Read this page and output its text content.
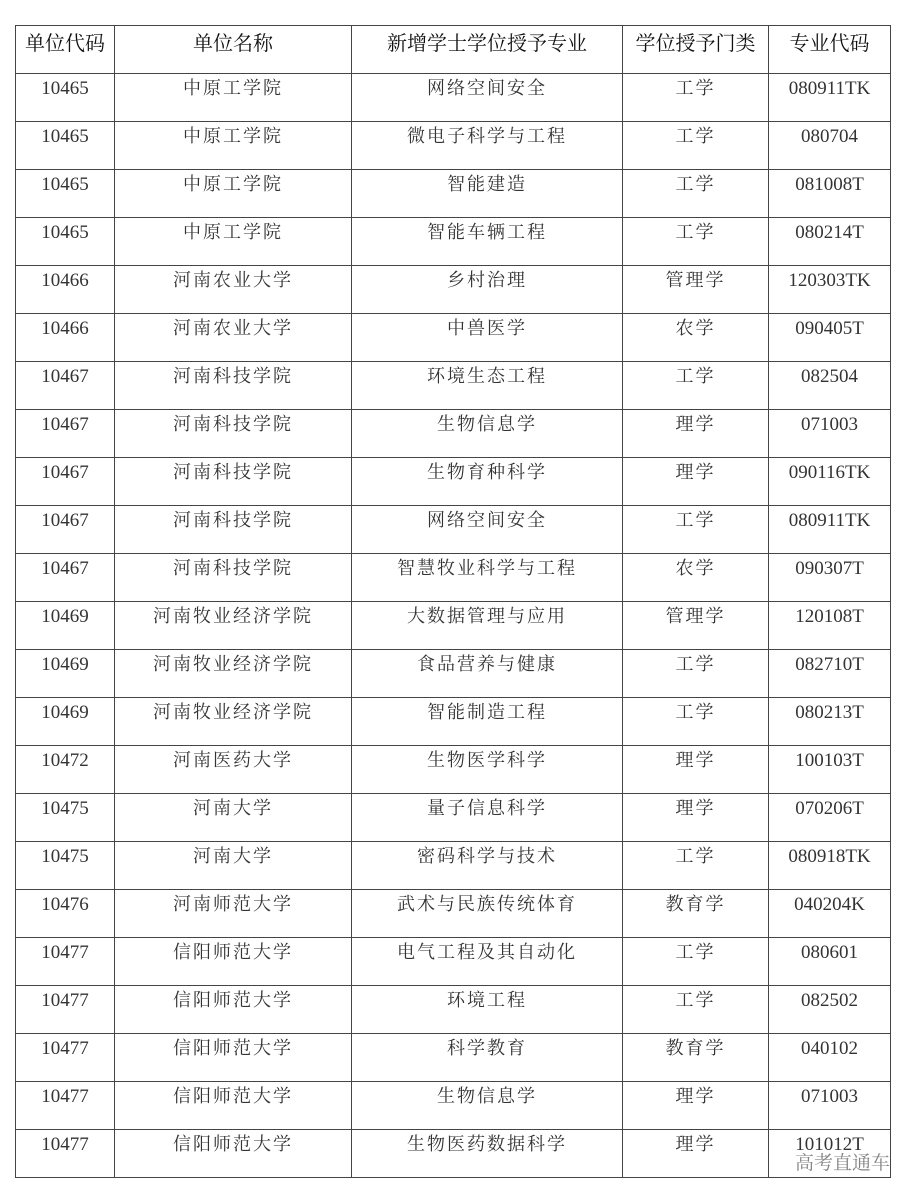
单位代码	单位名称	新增学士学位授予专业	学位授予门类	专业代码
10465	中原工学院	网络空间安全	工学	080911TK
10465	中原工学院	微电子科学与工程	工学	080704
10465	中原工学院	智能建造	工学	081008T
10465	中原工学院	智能车辆工程	工学	080214T
10466	河南农业大学	乡村治理	管理学	120303TK
10466	河南农业大学	中兽医学	农学	090405T
10467	河南科技学院	环境生态工程	工学	082504
10467	河南科技学院	生物信息学	理学	071003
10467	河南科技学院	生物育种科学	理学	090116TK
10467	河南科技学院	网络空间安全	工学	080911TK
10467	河南科技学院	智慧牧业科学与工程	农学	090307T
10469	河南牧业经济学院	大数据管理与应用	管理学	120108T
10469	河南牧业经济学院	食品营养与健康	工学	082710T
10469	河南牧业经济学院	智能制造工程	工学	080213T
10472	河南医药大学	生物医学科学	理学	100103T
10475	河南大学	量子信息科学	理学	070206T
10475	河南大学	密码科学与技术	工学	080918TK
10476	河南师范大学	武术与民族传统体育	教育学	040204K
10477	信阳师范大学	电气工程及其自动化	工学	080601
10477	信阳师范大学	环境工程	工学	082502
10477	信阳师范大学	科学教育	教育学	040102
10477	信阳师范大学	生物信息学	理学	071003
10477	信阳师范大学	生物医药数据科学	理学	101012T
高考直通车
